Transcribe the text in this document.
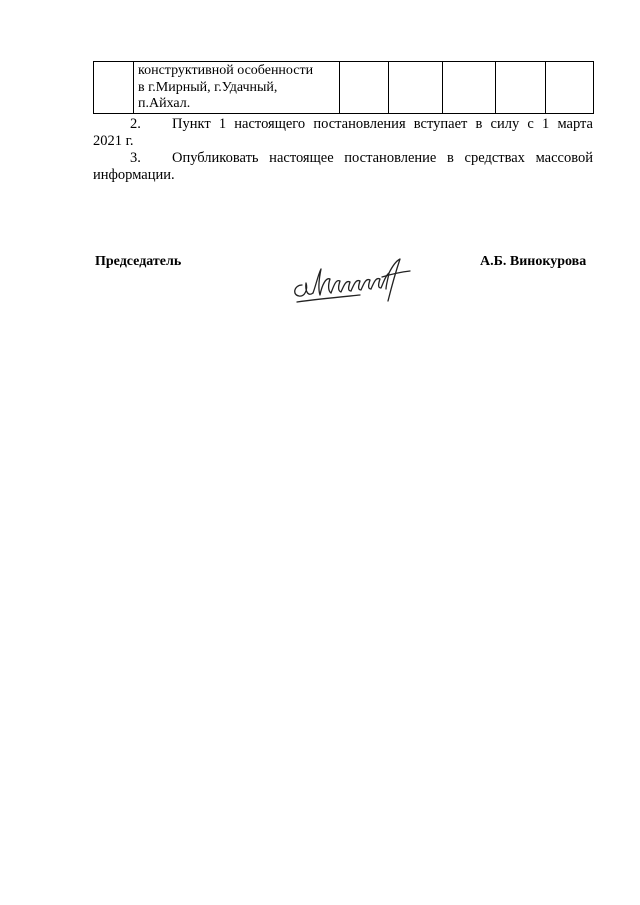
конструктивной особенности
в г.Мирный, г.Удачный,
п.Айхал.

2.	Пункт 1 настоящего постановления вступает в силу с 1 марта
2021 г.
3.	Опубликовать настоящее постановление в средствах массовой
информации.
Председатель	А.Б. Винокурова
